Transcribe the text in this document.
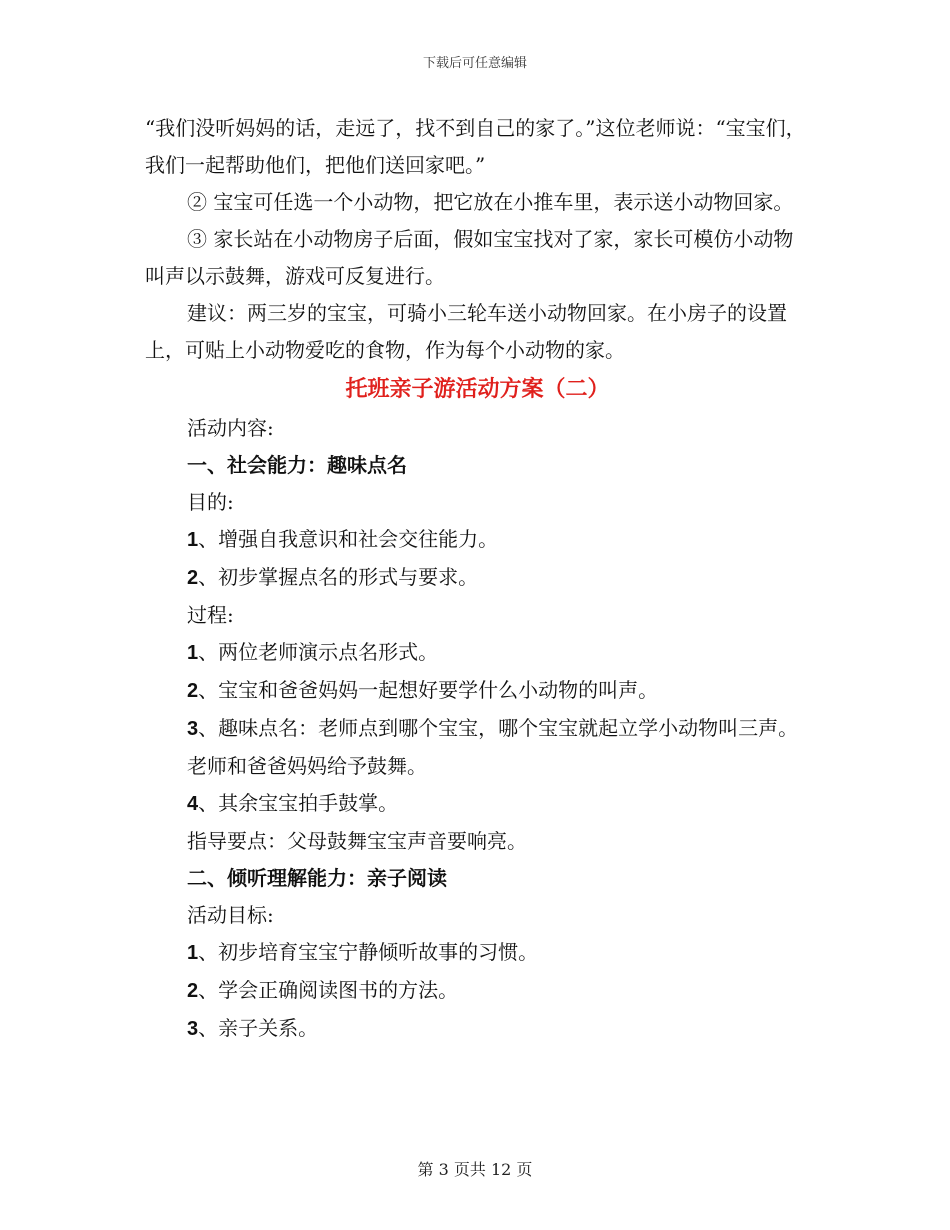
下载后可任意编辑

“我们没听妈妈的话，走远了，找不到自己的家了。”这位老师说：“宝宝们，我们一起帮助他们，把他们送回家吧。”

② 宝宝可任选一个小动物，把它放在小推车里，表示送小动物回家。

③ 家长站在小动物房子后面，假如宝宝找对了家，家长可模仿小动物叫声以示鼓舞，游戏可反复进行。

建议：两三岁的宝宝，可骑小三轮车送小动物回家。在小房子的设置上，可贴上小动物爱吃的食物，作为每个小动物的家。

托班亲子游活动方案（二）

活动内容:

一、社会能力：趣味点名

目的:

1、增强自我意识和社会交往能力。

2、初步掌握点名的形式与要求。

过程:

1、两位老师演示点名形式。

2、宝宝和爸爸妈妈一起想好要学什么小动物的叫声。

3、趣味点名：老师点到哪个宝宝，哪个宝宝就起立学小动物叫三声。

老师和爸爸妈妈给予鼓舞。

4、其余宝宝拍手鼓掌。

指导要点：父母鼓舞宝宝声音要响亮。

二、倾听理解能力：亲子阅读

活动目标:

1、初步培育宝宝宁静倾听故事的习惯。

2、学会正确阅读图书的方法。

3、亲子关系。

第 3 页共 12 页
